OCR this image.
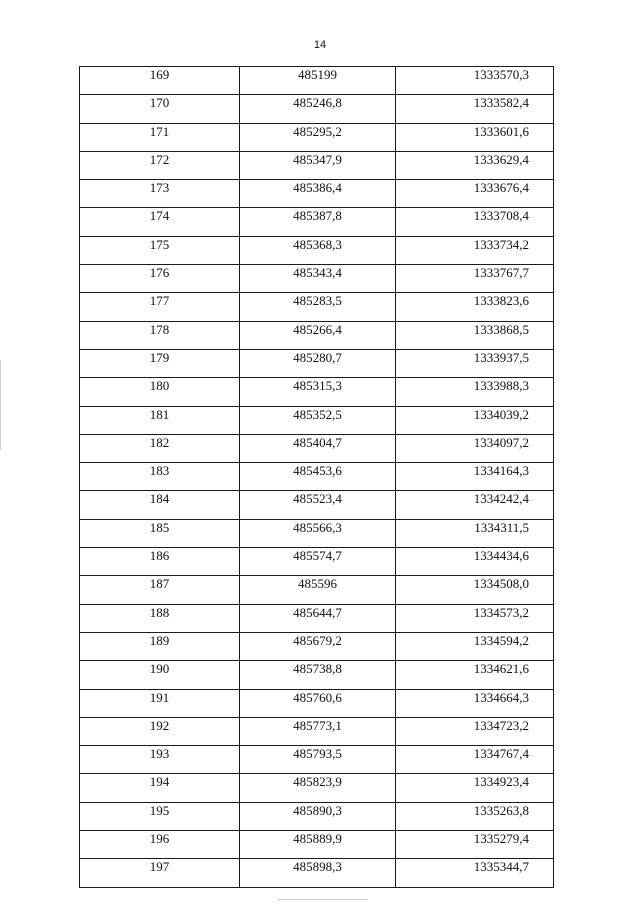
14
169	485199	1333570,3
170	485246,8	1333582,4
171	485295,2	1333601,6
172	485347,9	1333629,4
173	485386,4	1333676,4
174	485387,8	1333708,4
175	485368,3	1333734,2
176	485343,4	1333767,7
177	485283,5	1333823,6
178	485266,4	1333868,5
179	485280,7	1333937,5
180	485315,3	1333988,3
181	485352,5	1334039,2
182	485404,7	1334097,2
183	485453,6	1334164,3
184	485523,4	1334242,4
185	485566,3	1334311,5
186	485574,7	1334434,6
187	485596	1334508,0
188	485644,7	1334573,2
189	485679,2	1334594,2
190	485738,8	1334621,6
191	485760,6	1334664,3
192	485773,1	1334723,2
193	485793,5	1334767,4
194	485823,9	1334923,4
195	485890,3	1335263,8
196	485889,9	1335279,4
197	485898,3	1335344,7
